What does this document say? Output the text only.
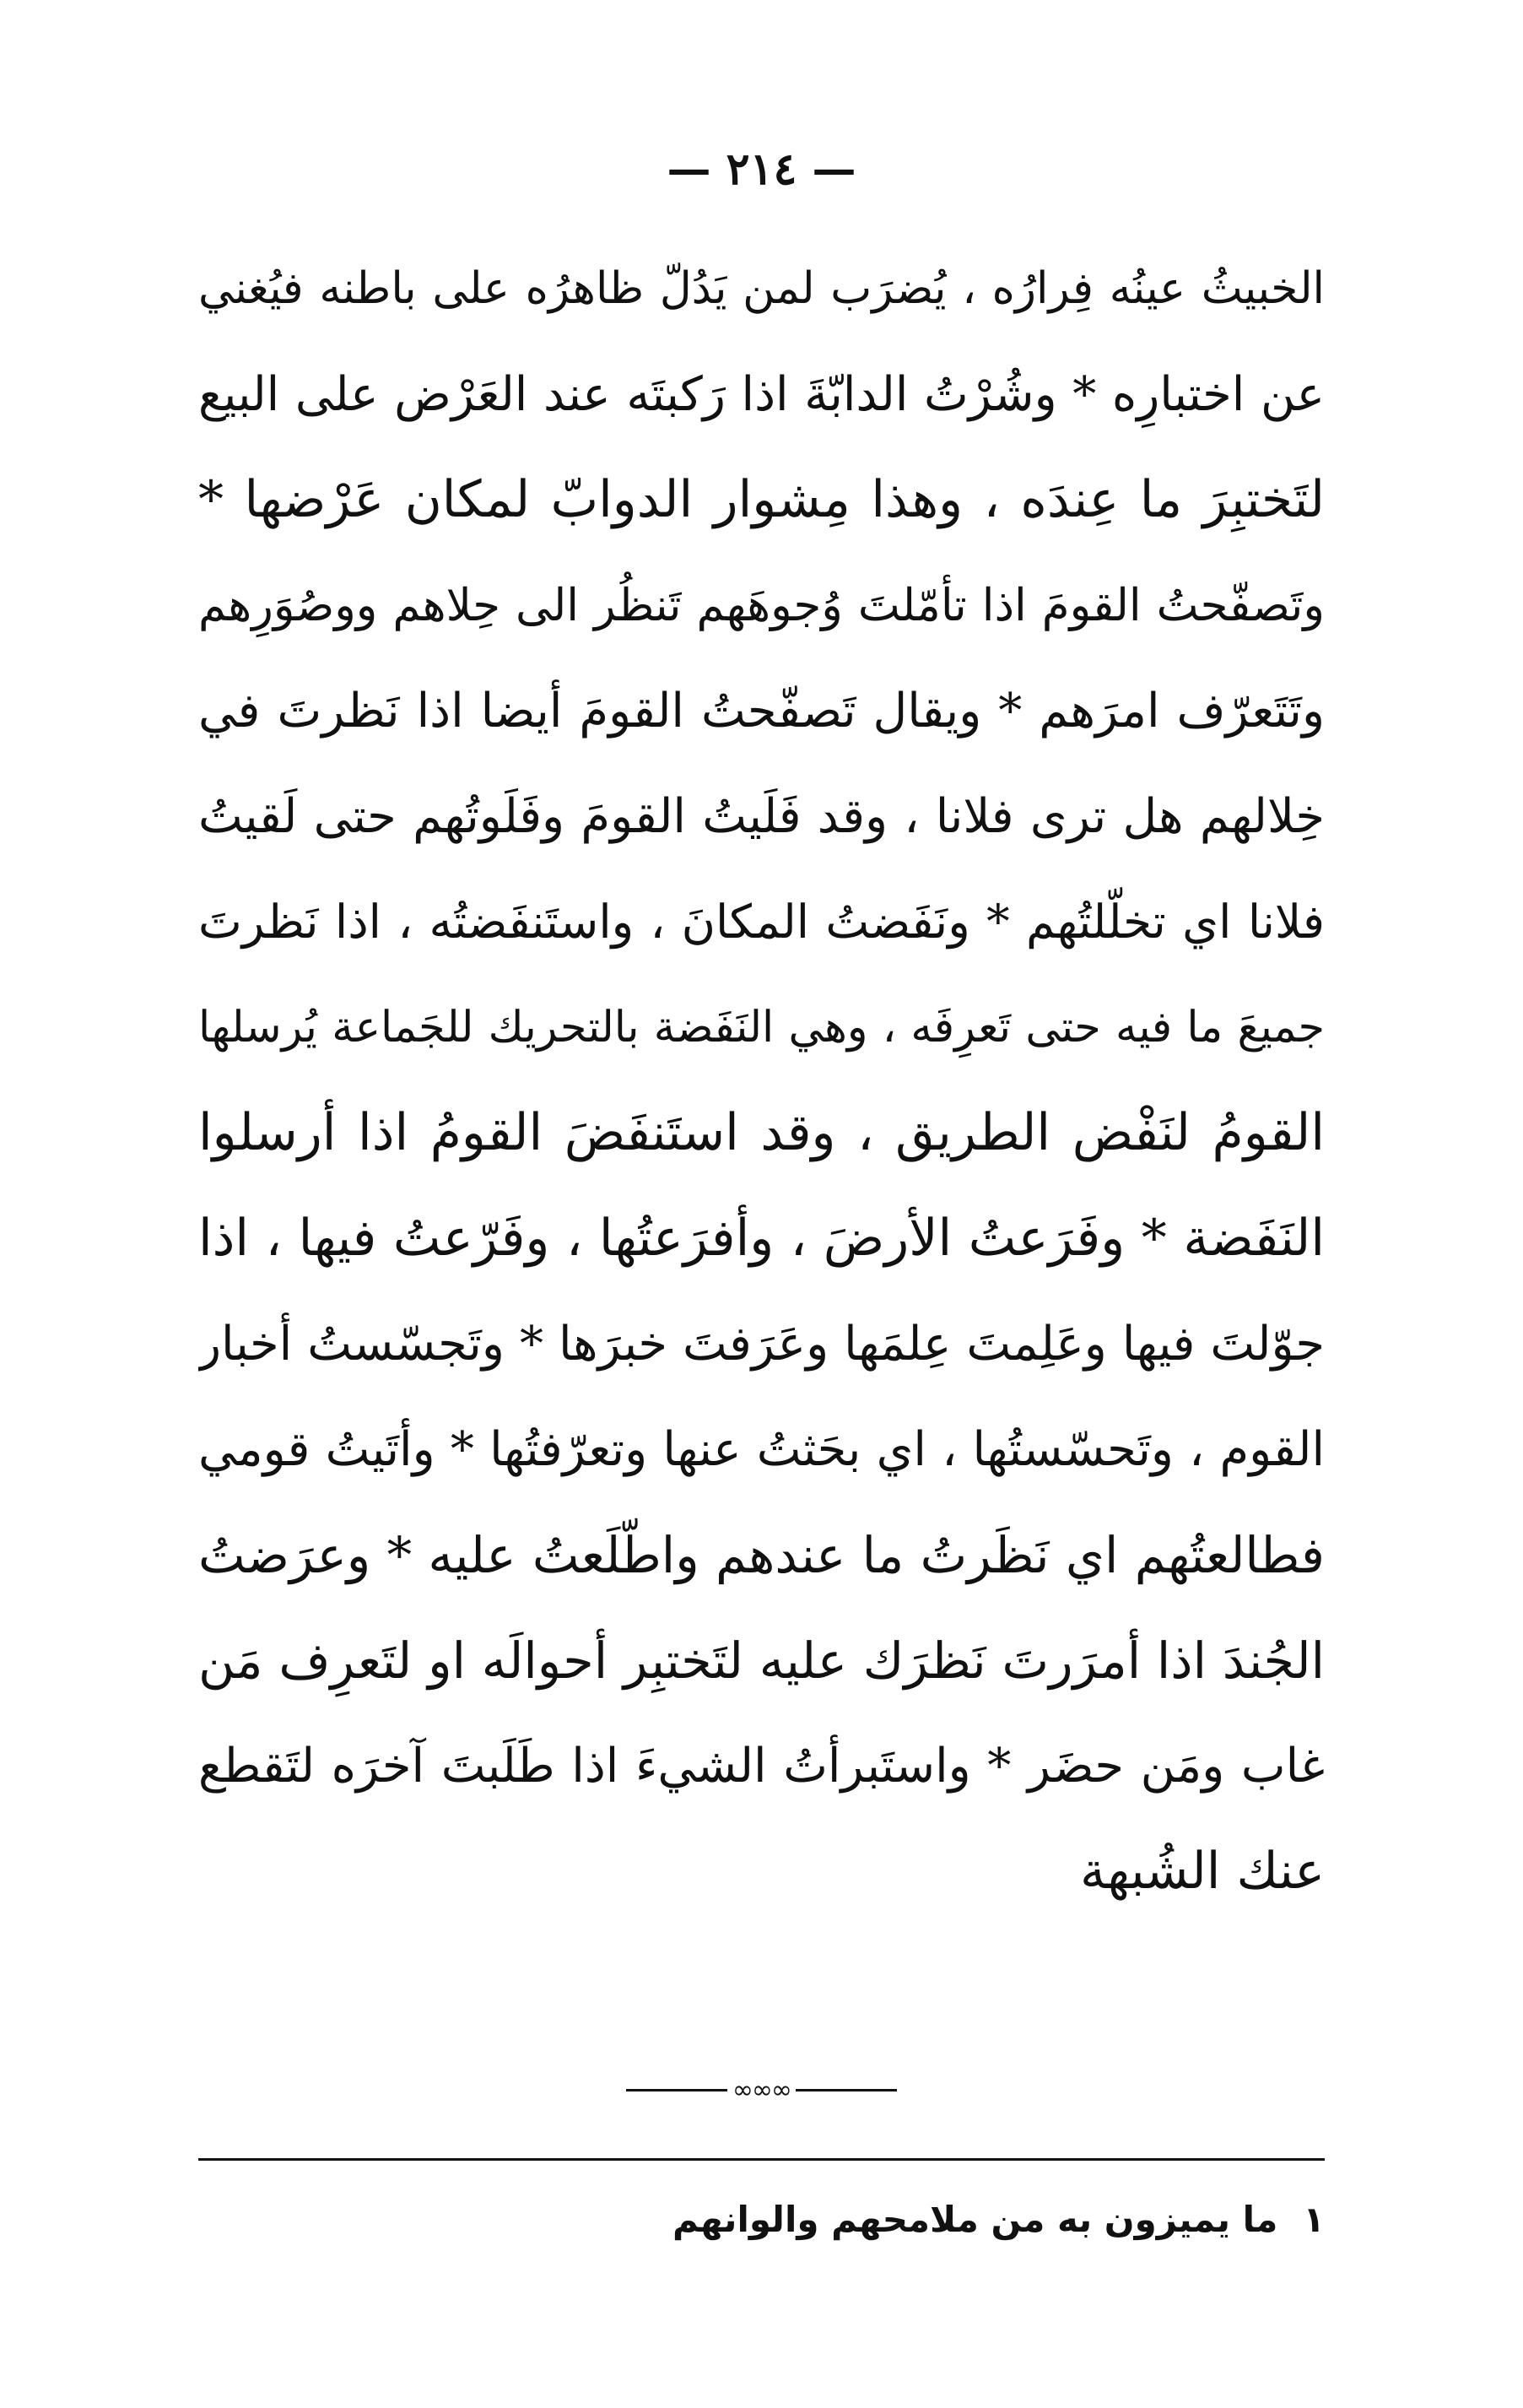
— ٢١٤ —
الخبيثُ عينُه فِرارُه ، يُضرَب لمن يَدُلّ ظاهرُه على باطنه فيُغني
عن اختبارِه * وشُرْتُ الدابّةَ اذا رَكبتَه عند العَرْض على البيع
لتَختبِرَ ما عِندَه ، وهذا مِشوار الدوابّ لمكان عَرْضها *
وتَصفّحتُ القومَ اذا تأمّلتَ وُجوهَهم تَنظُر الى حِلاهم ووصُوَرِهم
وتَتَعرّف امرَهم * ويقال تَصفّحتُ القومَ أيضا اذا نَظرتَ في
خِلالهم هل ترى فلانا ، وقد فَلَيتُ القومَ وفَلَوتُهم حتى لَقيتُ
فلانا اي تخلّلتُهم * ونَفَضتُ المكانَ ، واستَنفَضتُه ، اذا نَظرتَ
جميعَ ما فيه حتى تَعرِفَه ، وهي النَفَضة بالتحريك للجَماعة يُرسلها
القومُ لنَفْض الطريق ، وقد استَنفَضَ القومُ اذا أرسلوا
النَفَضة * وفَرَعتُ الأرضَ ، وأفرَعتُها ، وفَرّعتُ فيها ، اذا
جوّلتَ فيها وعَلِمتَ عِلمَها وعَرَفتَ خبرَها * وتَجسّستُ أخبار
القوم ، وتَحسّستُها ، اي بحَثتُ عنها وتعرّفتُها * وأتَيتُ قومي
فطالعتُهم اي نَظَرتُ ما عندهم واطّلَعتُ عليه * وعرَضتُ
الجُندَ اذا أمرَرتَ نَظرَك عليه لتَختبِر أحوالَه او لتَعرِف مَن
غاب ومَن حضَر * واستَبرأتُ الشيءَ اذا طَلَبتَ آخرَه لتَقطع
عنك الشُبهة
∞∞∞
١ما يميزون به من ملامحهم والوانهم
